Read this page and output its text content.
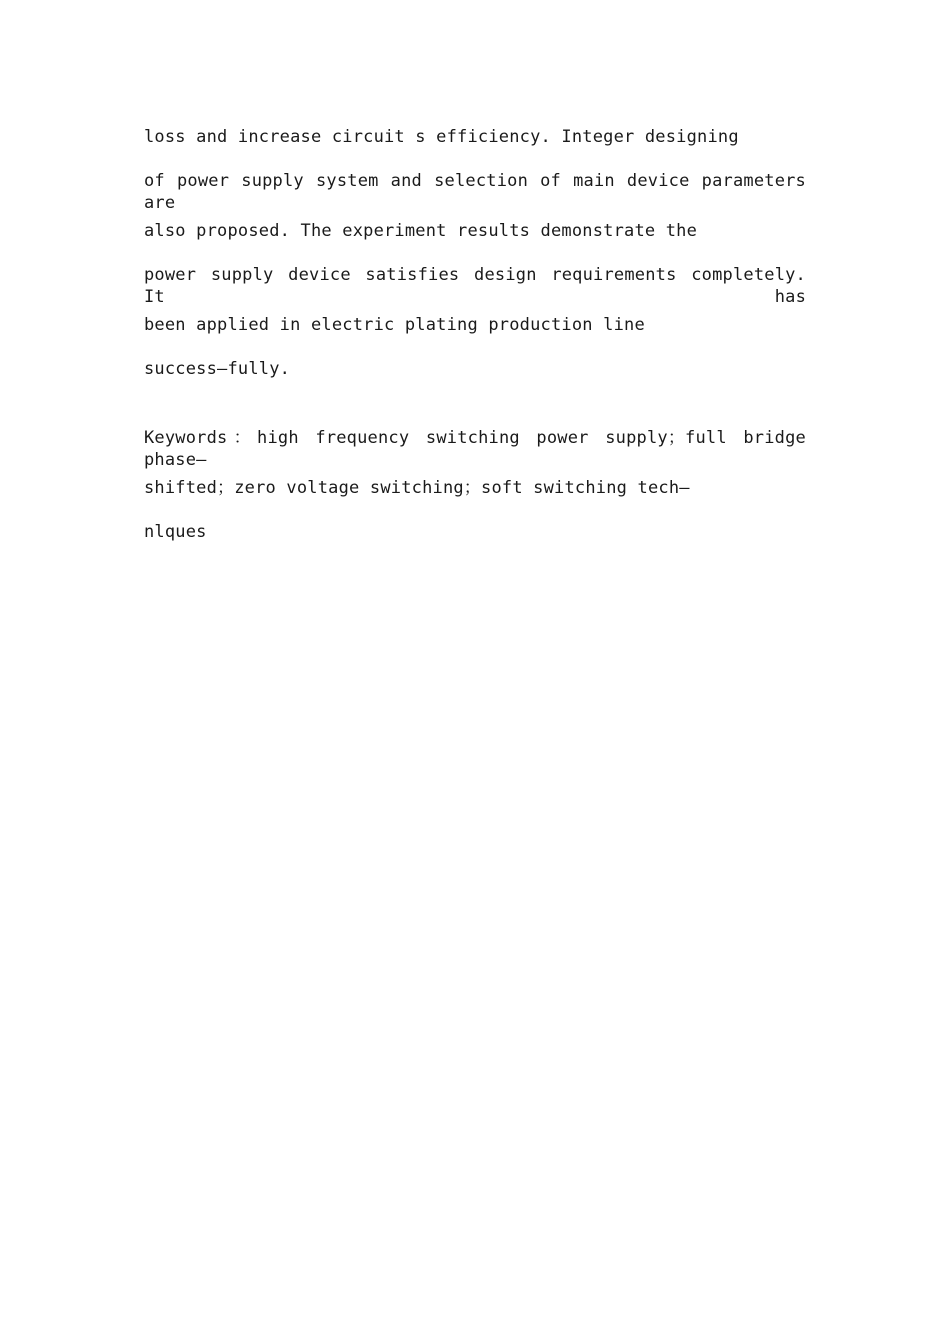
loss and increase circuit s efficiency. Integer designing
of power supply system and selection of main device parameters are
also proposed. The experiment results demonstrate the
power supply device satisfies design requirements completely. It has
been applied in electric plating production line
success—fully.
Keywords：high frequency switching power supply；full bridge phase—
shifted；zero voltage switching；soft switching tech—
nlques
